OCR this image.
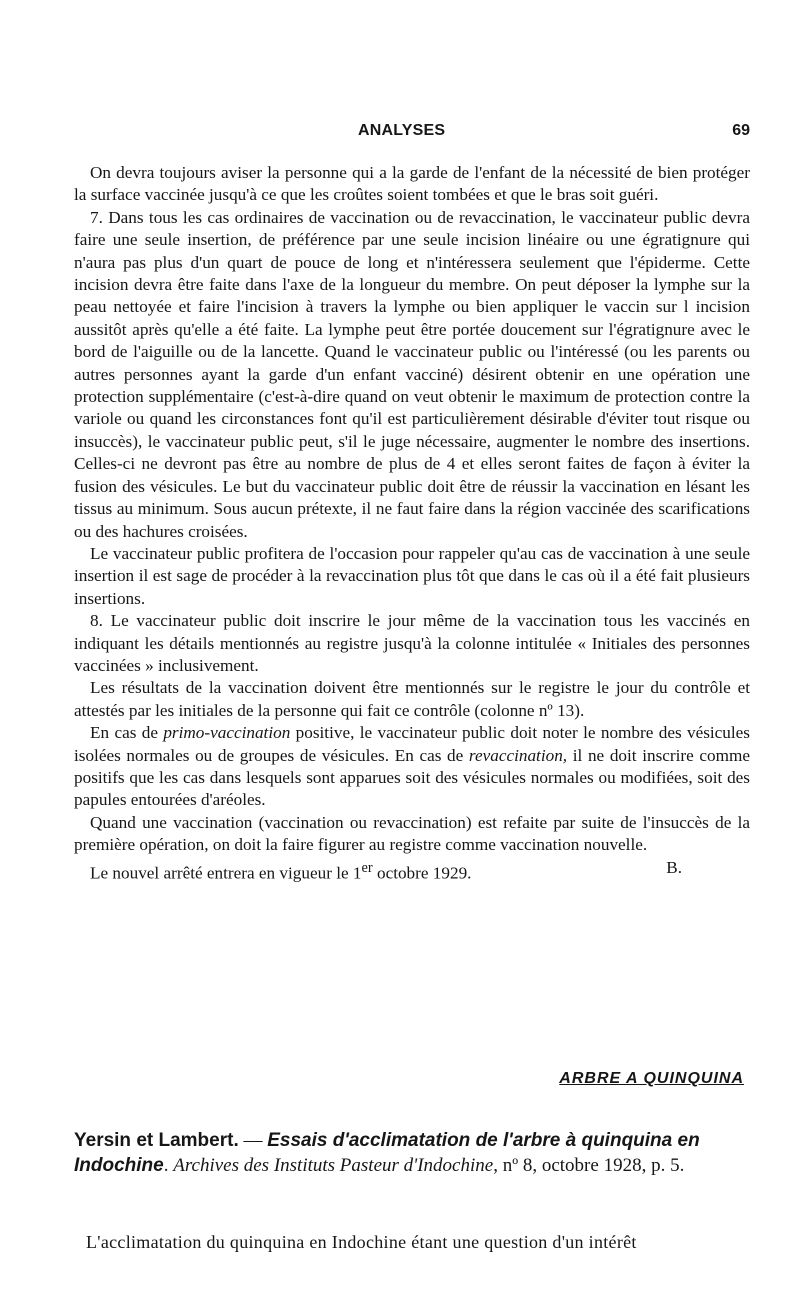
ANALYSES	69

On devra toujours aviser la personne qui a la garde de l'enfant de la nécessité de bien protéger la surface vaccinée jusqu'à ce que les croûtes soient tombées et que le bras soit guéri.

7. Dans tous les cas ordinaires de vaccination ou de revaccination, le vaccinateur public devra faire une seule insertion, de préférence par une seule incision linéaire ou une égratignure qui n'aura pas plus d'un quart de pouce de long et n'intéressera seulement que l'épiderme. Cette incision devra être faite dans l'axe de la longueur du membre. On peut déposer la lymphe sur la peau nettoyée et faire l'incision à travers la lymphe ou bien appliquer le vaccin sur l incision aussitôt après qu'elle a été faite. La lymphe peut être portée doucement sur l'égratignure avec le bord de l'aiguille ou de la lancette. Quand le vaccinateur public ou l'intéressé (ou les parents ou autres personnes ayant la garde d'un enfant vacciné) désirent obtenir en une opération une protection supplémentaire (c'est-à-dire quand on veut obtenir le maximum de protection contre la variole ou quand les circonstances font qu'il est particulièrement désirable d'éviter tout risque ou insuccès), le vaccinateur public peut, s'il le juge nécessaire, augmenter le nombre des insertions. Celles-ci ne devront pas être au nombre de plus de 4 et elles seront faites de façon à éviter la fusion des vésicules. Le but du vaccinateur public doit être de réussir la vaccination en lésant les tissus au minimum. Sous aucun prétexte, il ne faut faire dans la région vaccinée des scarifications ou des hachures croisées.

Le vaccinateur public profitera de l'occasion pour rappeler qu'au cas de vaccination à une seule insertion il est sage de procéder à la revaccination plus tôt que dans le cas où il a été fait plusieurs insertions.

8. Le vaccinateur public doit inscrire le jour même de la vaccination tous les vaccinés en indiquant les détails mentionnés au registre jusqu'à la colonne intitulée « Initiales des personnes vaccinées » inclusivement.

Les résultats de la vaccination doivent être mentionnés sur le registre le jour du contrôle et attestés par les initiales de la personne qui fait ce contrôle (colonne nº 13).

En cas de primo-vaccination positive, le vaccinateur public doit noter le nombre des vésicules isolées normales ou de groupes de vésicules. En cas de revaccination, il ne doit inscrire comme positifs que les cas dans lesquels sont apparues soit des vésicules normales ou modifiées, soit des papules entourées d'aréoles.

Quand une vaccination (vaccination ou revaccination) est refaite par suite de l'insuccès de la première opération, on doit la faire figurer au registre comme vaccination nouvelle.

Le nouvel arrêté entrera en vigueur le 1er octobre 1929.	B.

ARBRE A QUINQUINA

Yersin et Lambert. — Essais d'acclimatation de l'arbre à quinquina en Indochine. Archives des Instituts Pasteur d'Indochine, nº 8, octobre 1928, p. 5.

L'acclimatation du quinquina en Indochine étant une question d'un intérêt
